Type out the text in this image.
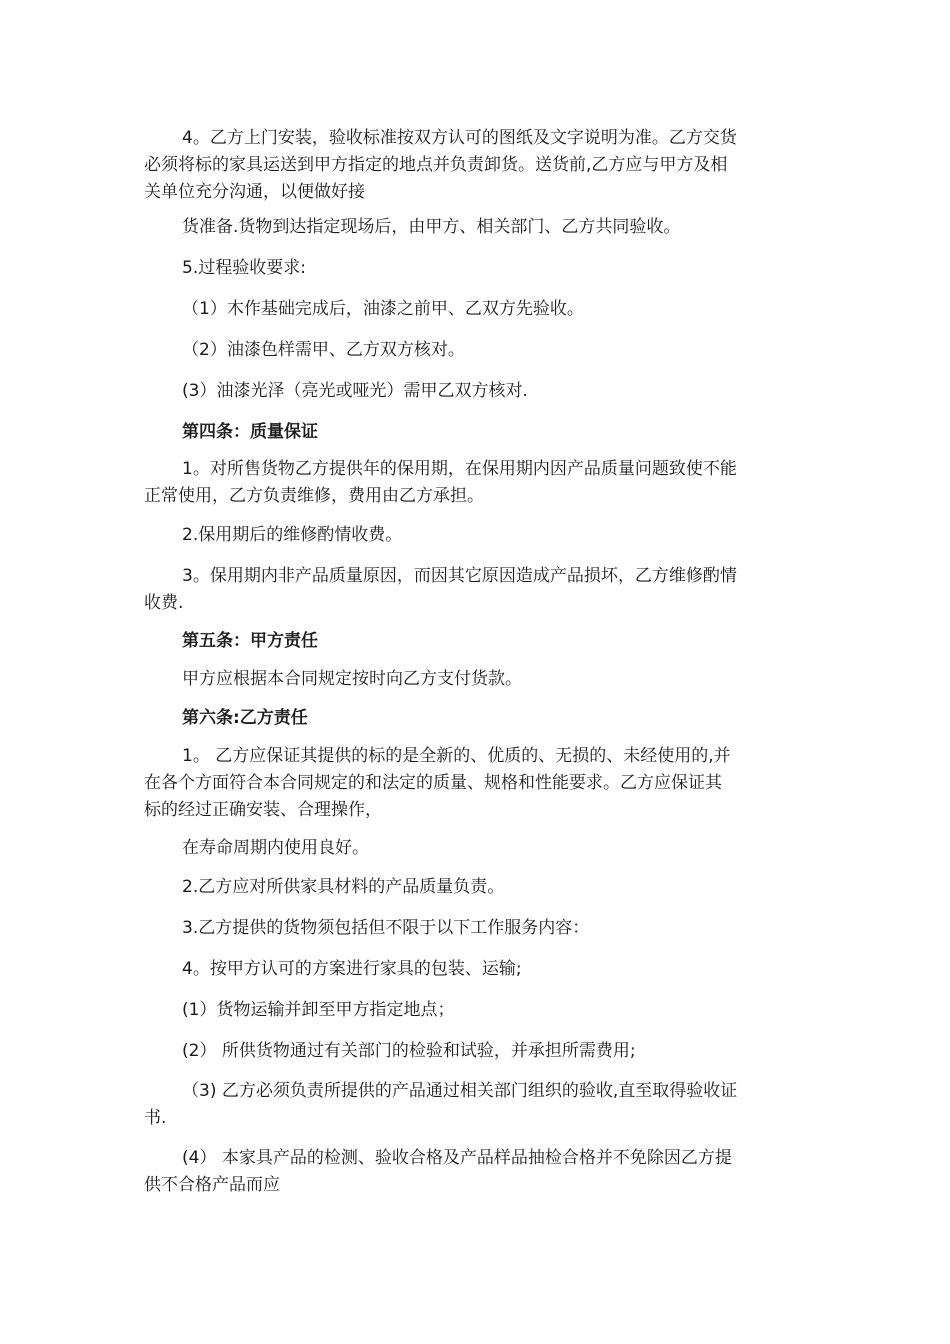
4。乙方上门安装，验收标准按双方认可的图纸及文字说明为准。乙方交货
必须将标的家具运送到甲方指定的地点并负责卸货。送货前,乙方应与甲方及相
关单位充分沟通，以便做好接
货准备.货物到达指定现场后，由甲方、相关部门、乙方共同验收。
5.过程验收要求:
（1）木作基础完成后，油漆之前甲、乙双方先验收。
（2）油漆色样需甲、乙方双方核对。
(3）油漆光泽（亮光或哑光）需甲乙双方核对.
第四条：质量保证
1。对所售货物乙方提供年的保用期，在保用期内因产品质量问题致使不能
正常使用，乙方负责维修，费用由乙方承担。
2.保用期后的维修酌情收费。
3。保用期内非产品质量原因，而因其它原因造成产品损坏，乙方维修酌情
收费.
第五条：甲方责任
甲方应根据本合同规定按时向乙方支付货款。
第六条:乙方责任
1。 乙方应保证其提供的标的是全新的、优质的、无损的、未经使用的,并
在各个方面符合本合同规定的和法定的质量、规格和性能要求。乙方应保证其
标的经过正确安装、合理操作，
在寿命周期内使用良好。
2.乙方应对所供家具材料的产品质量负责。
3.乙方提供的货物须包括但不限于以下工作服务内容：
4。按甲方认可的方案进行家具的包装、运输;
(1）货物运输并卸至甲方指定地点；
(2） 所供货物通过有关部门的检验和试验，并承担所需费用;
（3) 乙方必须负责所提供的产品通过相关部门组织的验收,直至取得验收证
书.
(4） 本家具产品的检测、验收合格及产品样品抽检合格并不免除因乙方提
供不合格产品而应
